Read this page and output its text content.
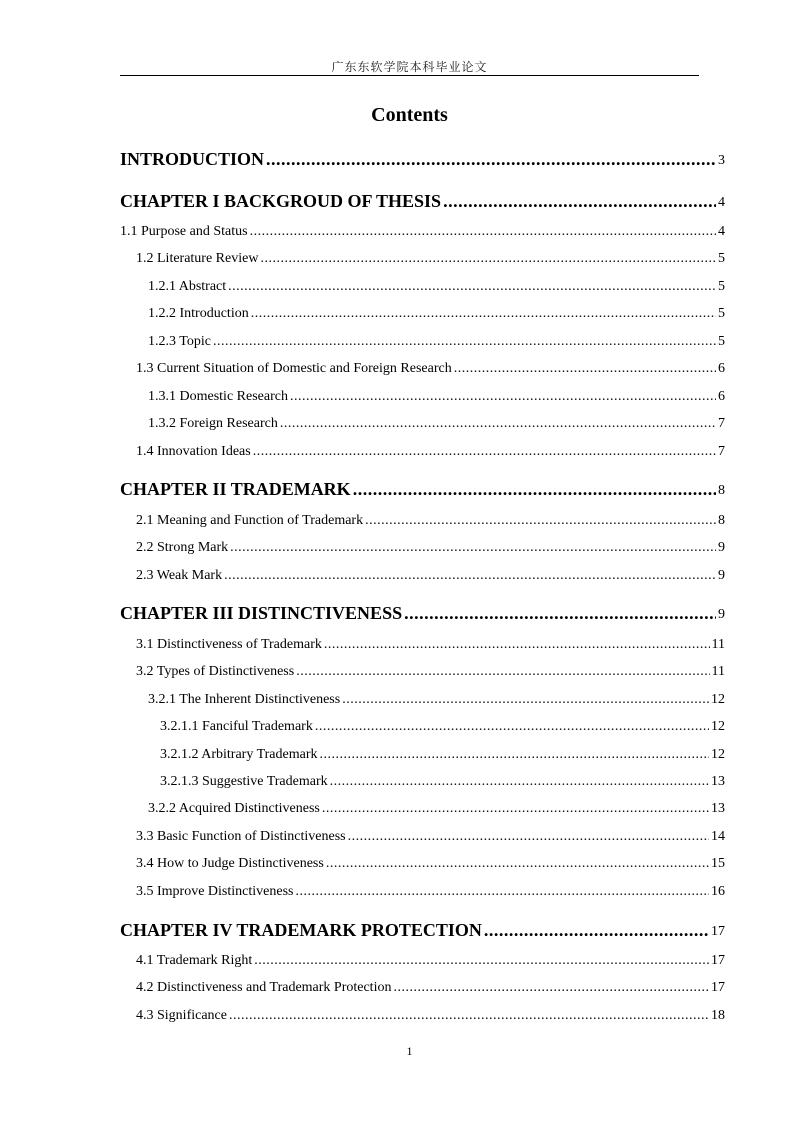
广东东软学院本科毕业论文
Contents
INTRODUCTION .....	3
CHAPTER I BACKGROUD OF THESIS .....	4
1.1 Purpose and Status .....	4
1.2 Literature Review .....	5
1.2.1 Abstract .....	5
1.2.2 Introduction .....	5
1.2.3 Topic .....	5
1.3 Current Situation of Domestic and Foreign Research .....	6
1.3.1 Domestic Research .....	6
1.3.2 Foreign Research .....	7
1.4 Innovation Ideas .....	7
CHAPTER II TRADEMARK .....	8
2.1 Meaning and Function of Trademark .....	8
2.2 Strong Mark .....	9
2.3 Weak Mark .....	9
CHAPTER III DISTINCTIVENESS .....	9
3.1 Distinctiveness of Trademark .....	11
3.2 Types of Distinctiveness .....	11
3.2.1 The Inherent Distinctiveness .....	12
3.2.1.1 Fanciful Trademark .....	12
3.2.1.2 Arbitrary Trademark .....	12
3.2.1.3 Suggestive Trademark .....	13
3.2.2 Acquired Distinctiveness .....	13
3.3 Basic Function of Distinctiveness .....	14
3.4 How to Judge Distinctiveness .....	15
3.5 Improve Distinctiveness .....	16
CHAPTER IV TRADEMARK PROTECTION .....	17
4.1 Trademark Right .....	17
4.2 Distinctiveness and Trademark Protection .....	17
4.3 Significance .....	18
1
